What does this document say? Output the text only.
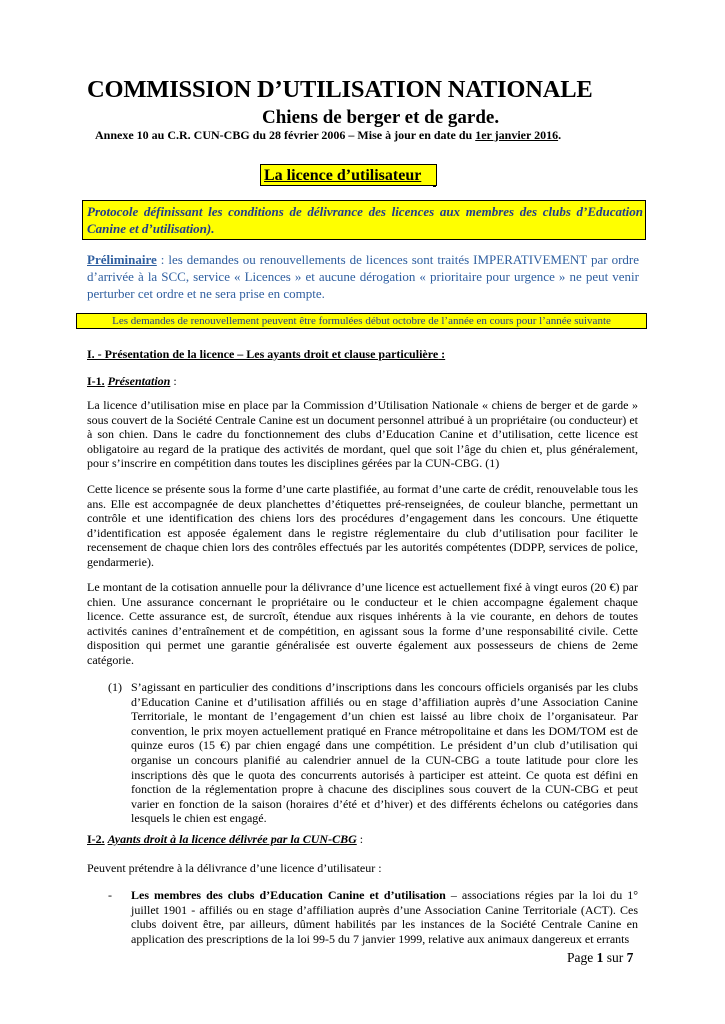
COMMISSION D’UTILISATION NATIONALE
Chiens de berger et de garde.
Annexe 10 au C.R. CUN-CBG du 28 février 2006 – Mise à jour en date du 1er janvier 2016.
La licence d’utilisateur
Protocole définissant les conditions de délivrance des licences aux membres des clubs d’Education Canine et d’utilisation).
Préliminaire : les demandes ou renouvellements de licences sont traités IMPERATIVEMENT par ordre d’arrivée à la SCC, service « Licences » et aucune dérogation « prioritaire pour urgence » ne peut venir perturber cet ordre et ne sera prise en compte.
Les demandes de renouvellement peuvent être formulées début octobre de l’année en cours pour l’année suivante
I. - Présentation de la licence – Les ayants droit et clause particulière :
I-1. Présentation :
La licence d’utilisation mise en place par la Commission d’Utilisation Nationale « chiens de berger et de garde » sous couvert de la Société Centrale Canine est un document personnel attribué à un propriétaire (ou conducteur) et à son chien. Dans le cadre du fonctionnement des clubs d’Education Canine et d’utilisation, cette licence est obligatoire au regard de la pratique des activités de mordant, quel que soit l’âge du chien et, plus généralement, pour s’inscrire en compétition dans toutes les disciplines gérées par la CUN-CBG. (1)
Cette licence se présente sous la forme d’une carte plastifiée, au format d’une carte de crédit, renouvelable tous les ans. Elle est accompagnée de deux planchettes d’étiquettes pré-renseignées, de couleur blanche, permettant un contrôle et une identification des chiens lors des procédures d’engagement dans les concours. Une étiquette d’identification est apposée également dans le registre réglementaire du club d’utilisation pour faciliter le recensement de chaque chien lors des contrôles effectués par les autorités compétentes (DDPP, services de police, gendarmerie).
Le montant de la cotisation annuelle pour la délivrance d’une licence est actuellement fixé à vingt euros (20 €) par chien. Une assurance concernant le propriétaire ou le conducteur et le chien accompagne également chaque licence. Cette assurance est, de surcroît, étendue aux risques inhérents à la vie courante, en dehors de toutes activités canines d’entraînement et de compétition, en agissant sous la forme d’une responsabilité civile. Cette disposition qui permet une garantie généralisée est ouverte également aux possesseurs de chiens de 2eme catégorie.
(1) S’agissant en particulier des conditions d’inscriptions dans les concours officiels organisés par les clubs d’Education Canine et d’utilisation affiliés ou en stage d’affiliation auprès d’une Association Canine Territoriale, le montant de l’engagement d’un chien est laissé au libre choix de l’organisateur. Par convention, le prix moyen actuellement pratiqué en France métropolitaine et dans les DOM/TOM est de quinze euros (15 €) par chien engagé dans une compétition. Le président d’un club d’utilisation qui organise un concours planifié au calendrier annuel de la CUN-CBG a toute latitude pour clore les inscriptions dès que le quota des concurrents autorisés à participer est atteint. Ce quota est défini en fonction de la réglementation propre à chacune des disciplines sous couvert de la CUN-CBG et peut varier en fonction de la saison (horaires d’été et d’hiver) et des différents échelons ou catégories dans lesquels le chien est engagé.
I-2. Ayants droit à la licence délivrée par la CUN-CBG :
Peuvent prétendre à la délivrance d’une licence d’utilisateur :
- Les membres des clubs d’Education Canine et d’utilisation – associations régies par la loi du 1° juillet 1901 - affiliés ou en stage d’affiliation auprès d’une Association Canine Territoriale (ACT). Ces clubs doivent être, par ailleurs, dûment habilités par les instances de la Société Centrale Canine en application des prescriptions de la loi 99-5 du 7 janvier 1999, relative aux animaux dangereux et errants
Page 1 sur 7
